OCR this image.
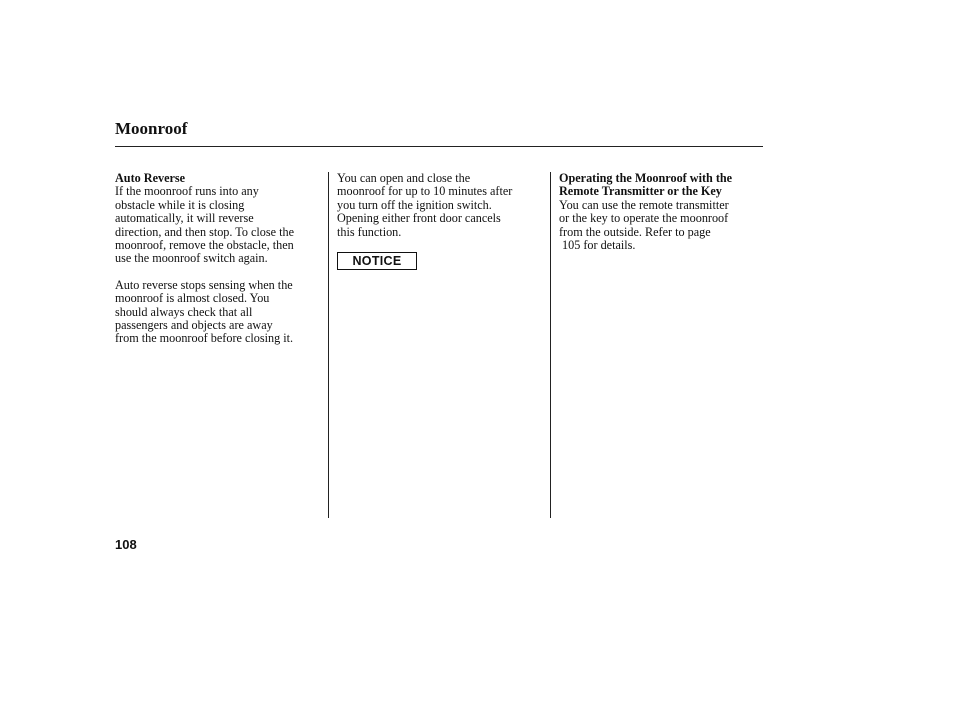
Moonroof

Auto Reverse

If the moonroof runs into any

obstacle while it is closing

automatically, it will reverse

direction, and then stop. To close the

moonroof, remove the obstacle, then

use the moonroof switch again.

Auto reverse stops sensing when the

moonroof is almost closed. You

should always check that all

passengers and objects are away

from the moonroof before closing it.

You can open and close the

moonroof for up to 10 minutes after

you turn off the ignition switch.

Opening either front door cancels

this function.

NOTICE

Operating the Moonroof with the

Remote Transmitter or the Key

You can use the remote transmitter

or the key to operate the moonroof

from the outside. Refer to page

105 for details.

108
